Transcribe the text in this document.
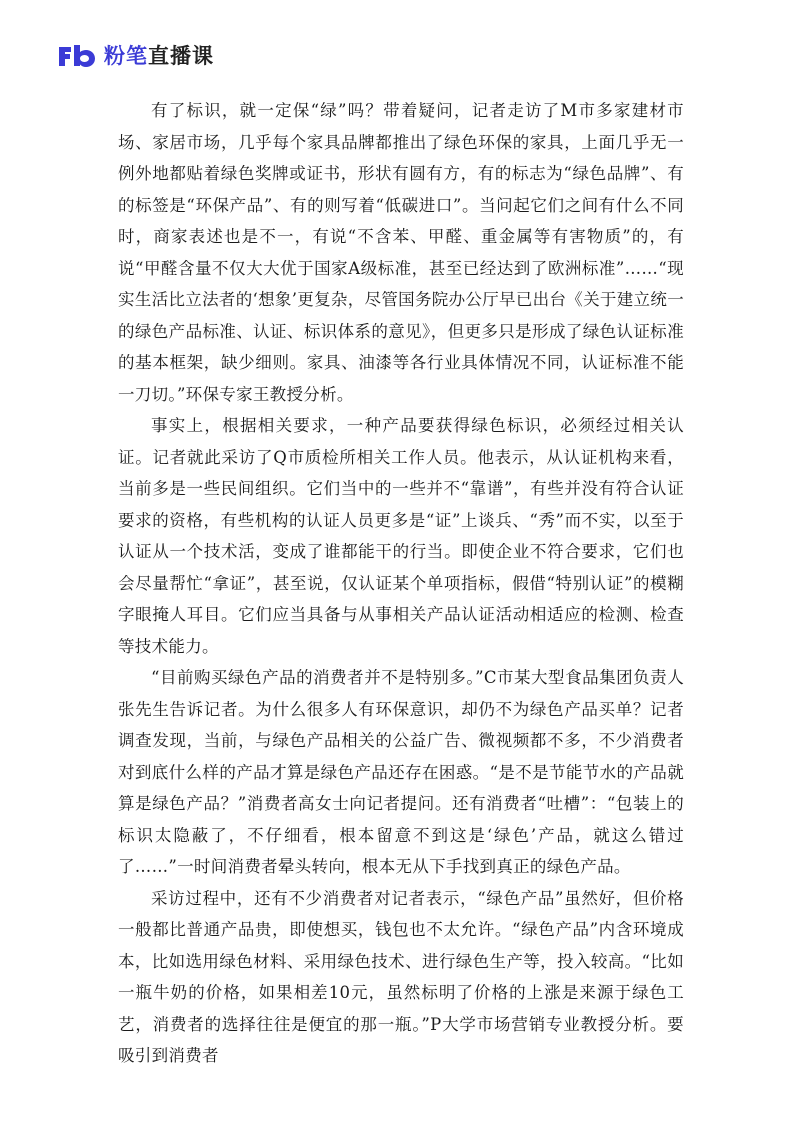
粉笔 直播课

有了标识，就一定保“绿”吗？带着疑问，记者走访了M市多家建材市场、家居市场，几乎每个家具品牌都推出了绿色环保的家具，上面几乎无一例外地都贴着绿色奖牌或证书，形状有圆有方，有的标志为“绿色品牌”、有的标签是“环保产品”、有的则写着“低碳进口”。当问起它们之间有什么不同时，商家表述也是不一，有说“不含苯、甲醛、重金属等有害物质”的，有说“甲醛含量不仅大大优于国家A级标准，甚至已经达到了欧洲标准”……“现实生活比立法者的‘想象’更复杂，尽管国务院办公厅早已出台《关于建立统一的绿色产品标准、认证、标识体系的意见》，但更多只是形成了绿色认证标准的基本框架，缺少细则。家具、油漆等各行业具体情况不同，认证标准不能一刀切。”环保专家王教授分析。

事实上，根据相关要求，一种产品要获得绿色标识，必须经过相关认证。记者就此采访了Q市质检所相关工作人员。他表示，从认证机构来看，当前多是一些民间组织。它们当中的一些并不“靠谱”，有些并没有符合认证要求的资格，有些机构的认证人员更多是“证”上谈兵、“秀”而不实，以至于认证从一个技术活，变成了谁都能干的行当。即使企业不符合要求，它们也会尽量帮忙“拿证”，甚至说，仅认证某个单项指标，假借“特别认证”的模糊字眼掩人耳目。它们应当具备与从事相关产品认证活动相适应的检测、检查等技术能力。

“目前购买绿色产品的消费者并不是特别多。”C市某大型食品集团负责人张先生告诉记者。为什么很多人有环保意识，却仍不为绿色产品买单？记者调查发现，当前，与绿色产品相关的公益广告、微视频都不多，不少消费者对到底什么样的产品才算是绿色产品还存在困惑。“是不是节能节水的产品就算是绿色产品？”消费者高女士向记者提问。还有消费者“吐槽”：“包装上的标识太隐蔽了，不仔细看，根本留意不到这是‘绿色’产品，就这么错过了……”一时间消费者晕头转向，根本无从下手找到真正的绿色产品。

采访过程中，还有不少消费者对记者表示，“绿色产品”虽然好，但价格一般都比普通产品贵，即使想买，钱包也不太允许。“绿色产品”内含环境成本，比如选用绿色材料、采用绿色技术、进行绿色生产等，投入较高。“比如一瓶牛奶的价格，如果相差10元，虽然标明了价格的上涨是来源于绿色工艺，消费者的选择往往是便宜的那一瓶。”P大学市场营销专业教授分析。要吸引到消费者
